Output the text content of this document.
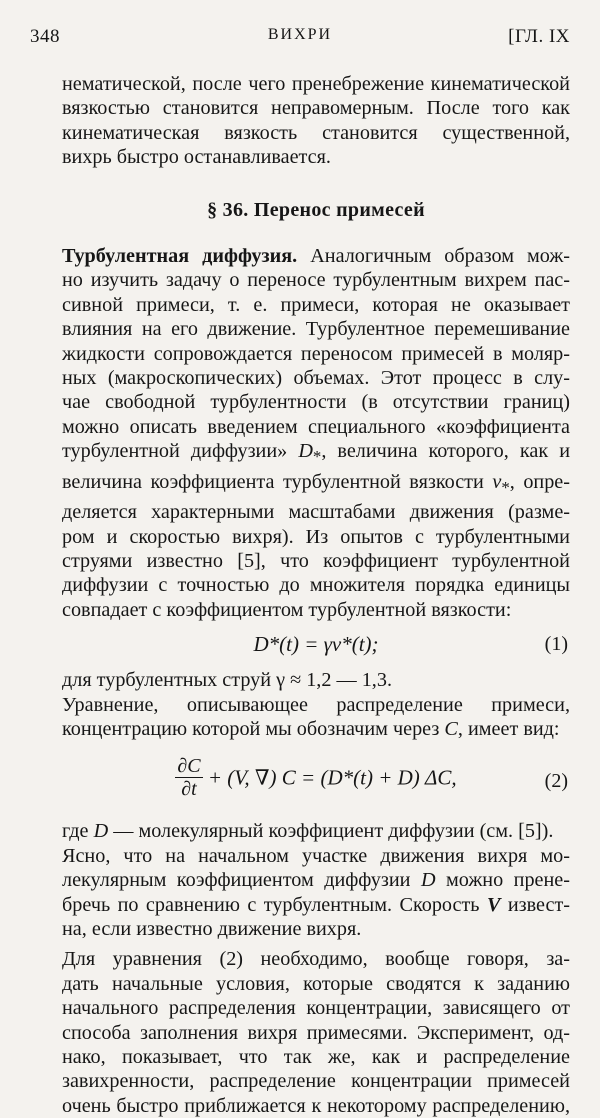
348	ВИХРИ	[ГЛ. IX
нематической, после чего пренебрежение кинематической
вязкостью становится неправомерным. После того как
кинематическая вязкость становится существенной,
вихрь быстро останавливается.
§ 36. Перенос примесей
Турбулентная диффузия. Аналогичным образом мож-
но изучить задачу о переносе турбулентным вихрем пас-
сивной примеси, т. е. примеси, которая не оказывает
влияния на его движение. Турбулентное перемешивание
жидкости сопровождается переносом примесей в моляр-
ных (макроскопических) объемах. Этот процесс в слу-
чае свободной турбулентности (в отсутствии границ)
можно описать введением специального «коэффициента
турбулентной диффузии» $D_*$, величина которого, как и
величина коэффициента турбулентной вязкости $\nu_*$, опре-
деляется характерными масштабами движения (разме-
ром и скоростью вихря). Из опытов с турбулентными
струями известно [5], что коэффициент турбулентной
диффузии с точностью до множителя порядка единицы
совпадает с коэффициентом турбулентной вязкости:
D*(t) = γν*(t);	(1)
для турбулентных струй γ ≈ 1,2 — 1,3.
Уравнение, описывающее распределение примеси,
концентрацию которой мы обозначим через C, имеет вид:
$\frac{\partial C}{\partial t} + (V$, ∇) C = (D*(t) + D) ΔC,	(2)
где D — молекулярный коэффициент диффузии (см. [5]).
Ясно, что на начальном участке движения вихря мо-
лекулярным коэффициентом диффузии D можно прене-
бречь по сравнению с турбулентным. Скорость V извест-
на, если известно движение вихря.
Для уравнения (2) необходимо, вообще говоря, за-
дать начальные условия, которые сводятся к заданию
начального распределения концентрации, зависящего от
способа заполнения вихря примесями. Эксперимент, од-
нако, показывает, что так же, как и распределение
завихренности, распределение концентрации примесей
очень быстро приближается к некоторому распределению,
